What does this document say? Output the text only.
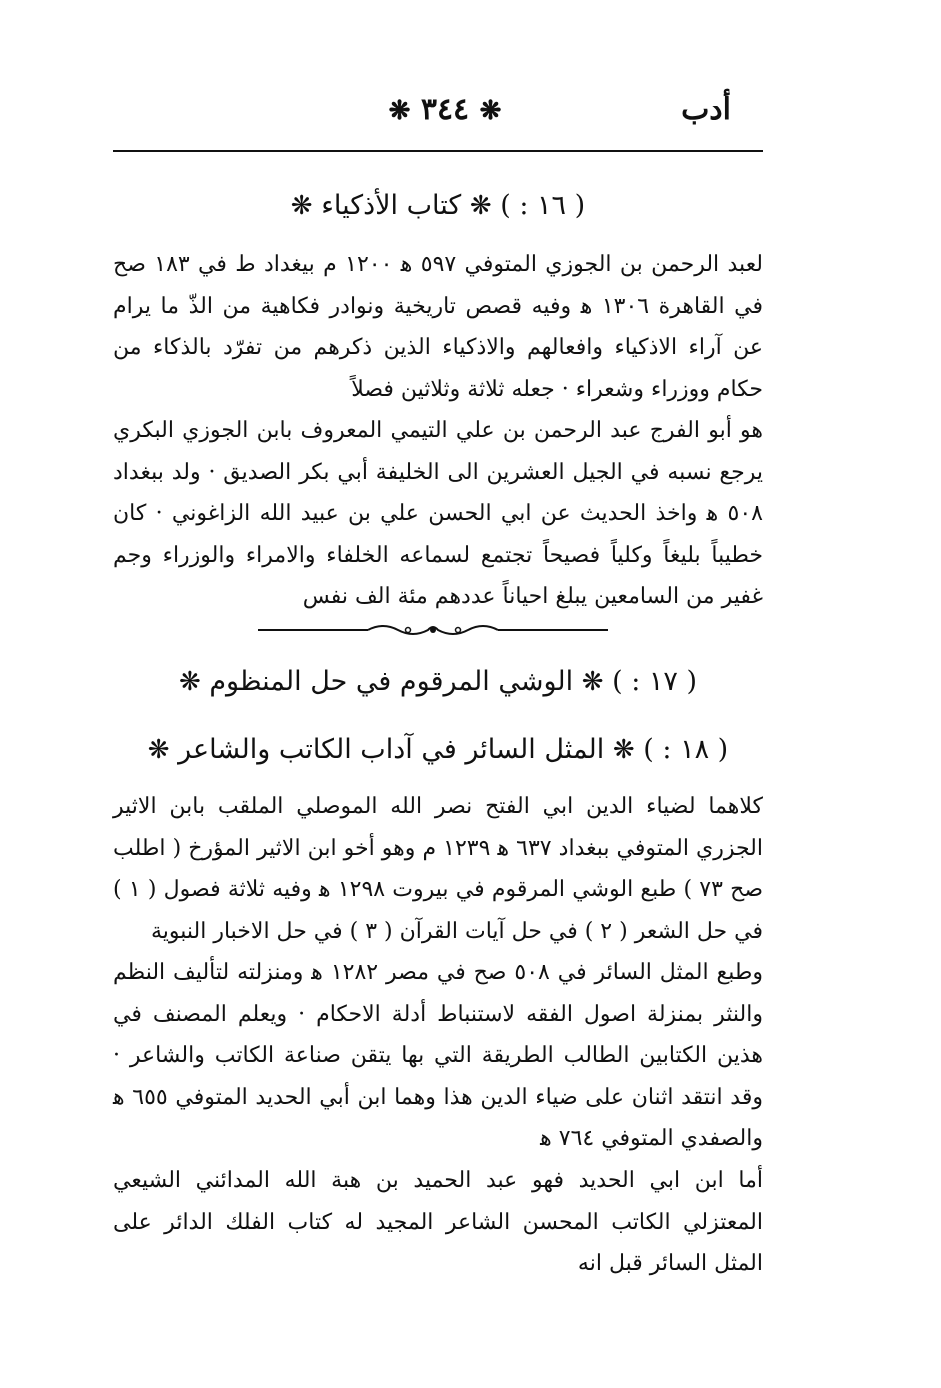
أدب
❋ ٣٤٤ ❋
( ١٦ : ) ❋ كتاب الأذكياء ❋

لعبد الرحمن بن الجوزي المتوفي ٥٩٧ ﻫ ١٢٠٠ م بيغداد ط في ١٨٣ صح في القاهرة ١٣٠٦ ﻫ وفيه قصص تاريخية ونوادر فكاهية من الذّ ما يرام عن آراء الاذكياء وافعالهم والاذكياء الذين ذكرهم من تفرّد بالذكاء من حكام ووزراء وشعراء · جعله ثلاثة وثلاثين فصلاً

هو أبو الفرج عبد الرحمن بن علي التيمي المعروف بابن الجوزي البكري يرجع نسبه في الجيل العشرين الى الخليفة أبي بكر الصديق · ولد ببغداد ٥٠٨ ﻫ واخذ الحديث عن ابي الحسن علي بن عبيد الله الزاغوني · كان خطيباً بليغاً وكلياً فصيحاً تجتمع لسماعه الخلفاء والامراء والوزراء وجم غفير من السامعين يبلغ احياناً عددهم مئة الف نفس

( ١٧ : ) ❋ الوشي المرقوم في حل المنظوم ❋
( ١٨ : ) ❋ المثل السائر في آداب الكاتب والشاعر ❋

كلاهما لضياء الدين ابي الفتح نصر الله الموصلي الملقب بابن الاثير الجزري المتوفي ببغداد ٦٣٧ ﻫ ١٢٣٩ م وهو أخو ابن الاثير المؤرخ ( اطلب صح ٧٣ ) طبع الوشي المرقوم في بيروت ١٢٩٨ ﻫ وفيه ثلاثة فصول ( ١ ) في حل الشعر ( ٢ ) في حل آيات القرآن ( ٣ ) في حل الاخبار النبوية

وطبع المثل السائر في ٥٠٨ صح في مصر ١٢٨٢ ﻫ ومنزلته لتأليف النظم والنثر بمنزلة اصول الفقه لاستنباط أدلة الاحكام · ويعلم المصنف في هذين الكتابين الطالب الطريقة التي بها يتقن صناعة الكاتب والشاعر · وقد انتقد اثنان على ضياء الدين هذا وهما ابن أبي الحديد المتوفي ٦٥٥ ﻫ والصفدي المتوفي ٧٦٤ ﻫ

أما ابن ابي الحديد فهو عبد الحميد بن هبة الله المدائني الشيعي المعتزلي الكاتب المحسن الشاعر المجيد له كتاب الفلك الدائر على المثل السائر قبل انه
